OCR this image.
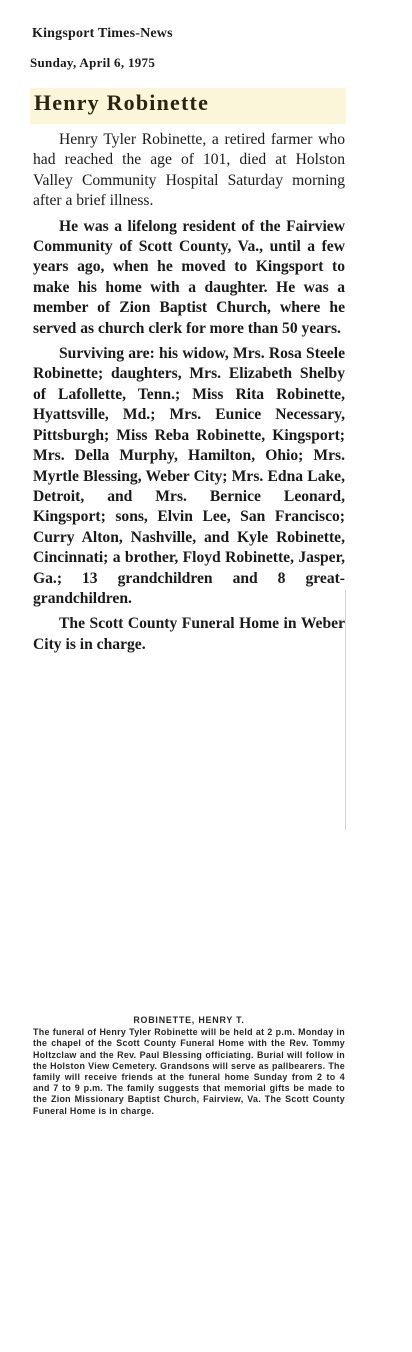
Kingsport Times-News
Sunday, April 6, 1975
Henry Robinette

Henry Tyler Robinette, a retired farmer who had reached the age of 101, died at Holston Valley Community Hospital Saturday morning after a brief illness.

He was a lifelong resident of the Fairview Community of Scott County, Va., until a few years ago, when he moved to Kingsport to make his home with a daughter. He was a member of Zion Baptist Church, where he served as church clerk for more than 50 years.

Surviving are: his widow, Mrs. Rosa Steele Robinette; daughters, Mrs. Elizabeth Shelby of Lafollette, Tenn.; Miss Rita Robinette, Hyattsville, Md.; Mrs. Eunice Necessary, Pittsburgh; Miss Reba Robinette, Kingsport; Mrs. Della Murphy, Hamilton, Ohio; Mrs. Myrtle Blessing, Weber City; Mrs. Edna Lake, Detroit, and Mrs. Bernice Leonard, Kingsport; sons, Elvin Lee, San Francisco; Curry Alton, Nashville, and Kyle Robinette, Cincinnati; a brother, Floyd Robinette, Jasper, Ga.; 13 grandchildren and 8 great-grandchildren.

The Scott County Funeral Home in Weber City is in charge.

ROBINETTE, HENRY T.
The funeral of Henry Tyler Robinette will be held at 2 p.m. Monday in the chapel of the Scott County Funeral Home with the Rev. Tommy Holtzclaw and the Rev. Paul Blessing officiating. Burial will follow in the Holston View Cemetery. Grandsons will serve as pallbearers. The family will receive friends at the funeral home Sunday from 2 to 4 and 7 to 9 p.m. The family suggests that memorial gifts be made to the Zion Missionary Baptist Church, Fairview, Va. The Scott County Funeral Home is in charge.
